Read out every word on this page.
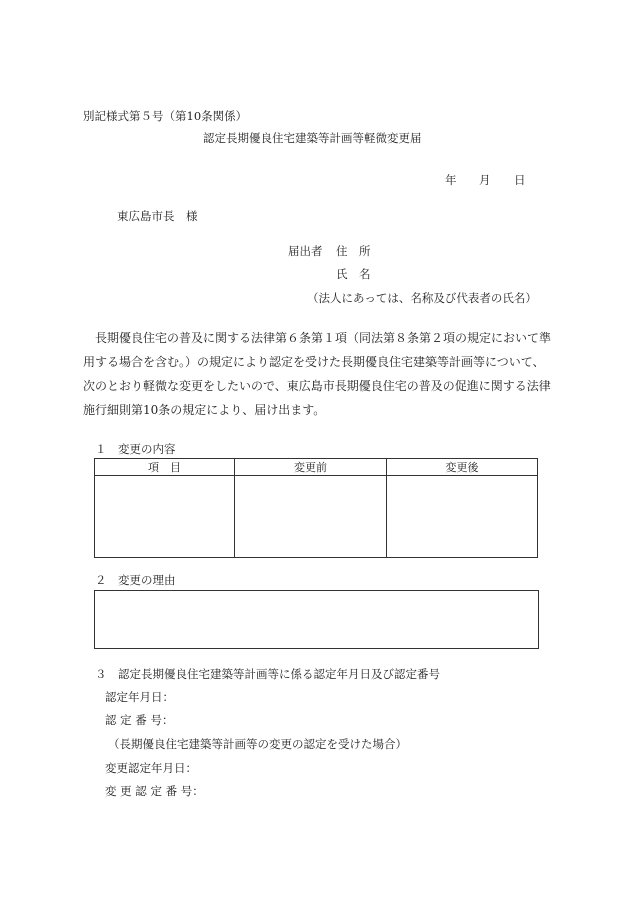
別記様式第５号（第10条関係）
認定長期優良住宅建築等計画等軽微変更届
年 月 日
東広島市長　様
届出者 住　所
氏　名
（法人にあっては、名称及び代表者の氏名）
　長期優良住宅の普及に関する法律第６条第１項（同法第８条第２項の規定において準
用する場合を含む。）の規定により認定を受けた長期優良住宅建築等計画等について、
次のとおり軽微な変更をしたいので、東広島市長期優良住宅の普及の促進に関する法律
施行細則第10条の規定により、届け出ます。
１　変更の内容
項　目	変更前	変更後

２　変更の理由
３　認定長期優良住宅建築等計画等に係る認定年月日及び認定番号
認定年月日：
認 定 番 号：
（長期優良住宅建築等計画等の変更の認定を受けた場合）
変更認定年月日：
変 更 認 定 番 号：
